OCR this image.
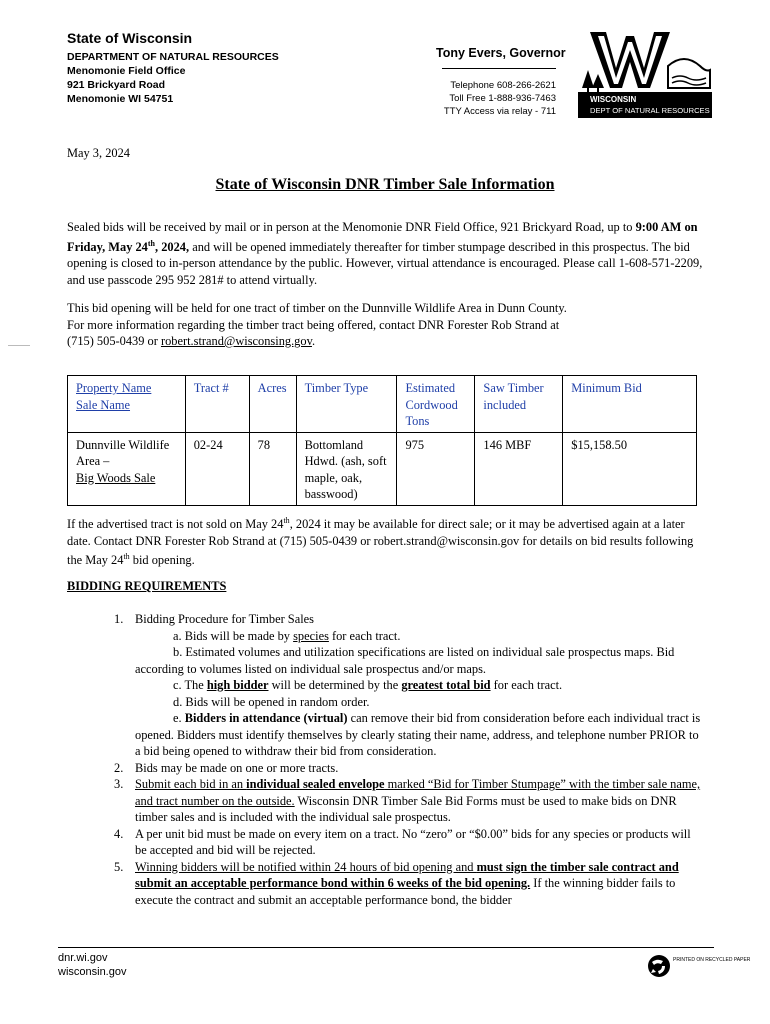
State of Wisconsin
DEPARTMENT OF NATURAL RESOURCES
Menomonie Field Office
921 Brickyard Road
Menomonie WI 54751
Tony Evers, Governor
Telephone 608-266-2621
Toll Free 1-888-936-7463
TTY Access via relay - 711
WISCONSIN
DEPT OF NATURAL RESOURCES
May 3, 2024
State of Wisconsin DNR Timber Sale Information
Sealed bids will be received by mail or in person at the Menomonie DNR Field Office, 921 Brickyard Road, up to 9:00 AM on Friday, May 24th, 2024, and will be opened immediately thereafter for timber stumpage described in this prospectus. The bid opening is closed to in-person attendance by the public. However, virtual attendance is encouraged. Please call 1-608-571-2209, and use passcode 295 952 281# to attend virtually.
This bid opening will be held for one tract of timber on the Dunnville Wildlife Area in Dunn County.
For more information regarding the timber tract being offered, contact DNR Forester Rob Strand at
(715) 505-0439 or robert.strand@wisconsing.gov.
Property Name
Sale Name	Tract #	Acres	Timber Type	Estimated Cordwood Tons	Saw Timber included	Minimum Bid
Dunnville Wildlife Area –
Big Woods Sale	02-24	78	Bottomland Hdwd. (ash, soft maple, oak, basswood)	975	146 MBF	$15,158.50
If the advertised tract is not sold on May 24th, 2024 it may be available for direct sale; or it may be advertised again at a later date. Contact DNR Forester Rob Strand at (715) 505-0439 or robert.strand@wisconsin.gov for details on bid results following the May 24th bid opening.
BIDDING REQUIREMENTS
1. Bidding Procedure for Timber Sales
a. Bids will be made by species for each tract.
b. Estimated volumes and utilization specifications are listed on individual sale prospectus maps. Bid according to volumes listed on individual sale prospectus and/or maps.
c. The high bidder will be determined by the greatest total bid for each tract.
d. Bids will be opened in random order.
e. Bidders in attendance (virtual) can remove their bid from consideration before each individual tract is opened. Bidders must identify themselves by clearly stating their name, address, and telephone number PRIOR to a bid being opened to withdraw their bid from consideration.
2. Bids may be made on one or more tracts.
3. Submit each bid in an individual sealed envelope marked “Bid for Timber Stumpage” with the timber sale name, and tract number on the outside. Wisconsin DNR Timber Sale Bid Forms must be used to make bids on DNR timber sales and is included with the individual sale prospectus.
4. A per unit bid must be made on every item on a tract. No “zero” or “$0.00” bids for any species or products will be accepted and bid will be rejected.
5. Winning bidders will be notified within 24 hours of bid opening and must sign the timber sale contract and submit an acceptable performance bond within 6 weeks of the bid opening. If the winning bidder fails to execute the contract and submit an acceptable performance bond, the bidder
dnr.wi.gov
wisconsin.gov
PRINTED ON RECYCLED PAPER
